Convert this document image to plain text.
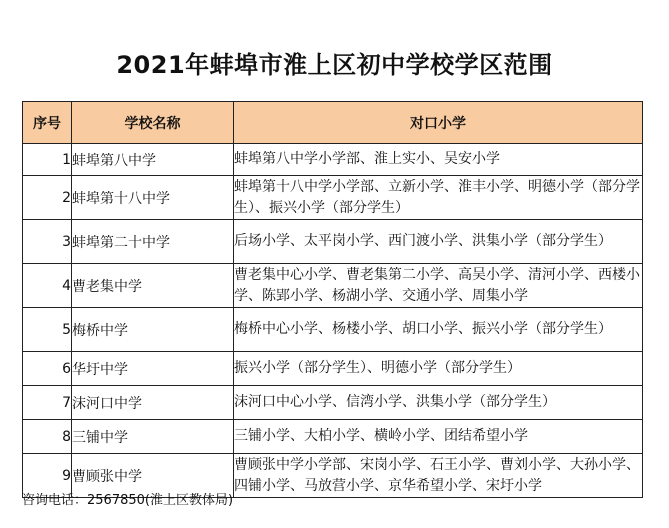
2021年蚌埠市淮上区初中学校学区范围
序号	学校名称	对口小学
1	蚌埠第八中学	蚌埠第八中学小学部、淮上实小、吴安小学
2	蚌埠第十八中学	蚌埠第十八中学小学部、立新小学、淮丰小学、明德小学（部分学生）、振兴小学（部分学生）
3	蚌埠第二十中学	后场小学、太平岗小学、西门渡小学、洪集小学（部分学生）
4	曹老集中学	曹老集中心小学、曹老集第二小学、高吴小学、清河小学、西楼小学、陈郢小学、杨湖小学、交通小学、周集小学
5	梅桥中学	梅桥中心小学、杨楼小学、胡口小学、振兴小学（部分学生）
6	华圩中学	振兴小学（部分学生）、明德小学（部分学生）
7	沫河口中学	沫河口中心小学、信湾小学、洪集小学（部分学生）
8	三铺中学	三铺小学、大柏小学、横岭小学、团结希望小学
9	曹顾张中学	曹顾张中学小学部、宋岗小学、石王小学、曹刘小学、大孙小学、四铺小学、马放营小学、京华希望小学、宋圩小学
咨询电话：2567850(淮上区教体局)
